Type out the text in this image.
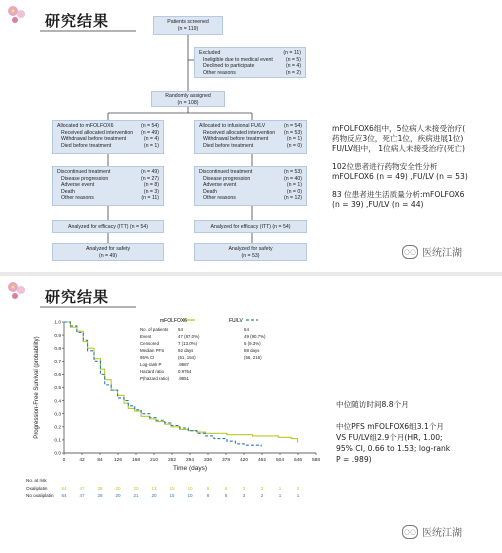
研究结果	Patients screened
(n = 119)
Excluded	(n = 11)
Ineligible due to medical event	(n = 5)
Declined to participate	(n = 4)
Other reasons	(n = 2)
Randomly assigned
(n = 108)
Allocated to mFOLFOX6	(n = 54)
Received allocated intervention (n = 49)
Withdrawal before treatment	(n = 4)
Died before treatment	(n = 1)
Allocated to infusional FU/LV	(n = 54)
Received allocated intervention (n = 53)
Withdrawal before treatment	(n = 1)
Died before treatment	(n = 0)
Discontinued treatment	(n = 49)
Disease progression	(n = 27)
Adverse event	(n = 8)
Death	(n = 3)
Other reasons	(n = 11)
Discontinued treatment	(n = 53)
Disease progression	(n = 40)
Adverse event	(n = 1)
Death	(n = 0)
Other reasons	(n = 12)
Analyzed for efficacy (ITT) (n = 54)	Analyzed for efficacy (ITT) (n = 54)
Analyzed for safety
(n = 49)
Analyzed for safety
(n = 53)
mFOLFOX6组中，5位病人未接受治疗(
药物反应3位，死亡1位，疾病进展1位)
FU/LV组中， 1位病人未接受治疗(死亡)
102位患者进行药物安全性分析
mFOLFOX6 (n = 49) ,FU/LV (n = 53)
83 位患者进生活质量分析:mFOLFOX6
(n = 39) ,FU/LV (n = 44)
◌◌ 医统江湖
研究结果
0.0
0.1
0.2
0.3
0.4
0.5
0.6
0.7
0.8
0.9
1.0
0	42	84 126 168 210 252 294 336 378 420 462 504 546 588
Time (days)
Progression-Free Survival (probability)
mFOLFOX6	FU/LV
No. of patients 54	54
Event	47 (87.0%)	49 (90.7%)
Censored	7 (13.0%)	5 (9.3%)
Median PFS	92 days	88 days
95% CI	(61, 154)	(56, 216)
Log-rank P	.9887
Hazard ratio	0.9764
P(hazard ratio) .9851
No. at risk
Oxaliplatin	54	47	28	20	20	13	15	10	9	6	3	3	1	2
No oxaliplatin 54	47	28	20	21	20	15	10	8	6	3	2	1	1
中位随访时间8.8个月
中位PFS mFOLFOX6组3.1个月
VS FU/LV组2.9个月(HR, 1.00;
95% CI, 0.66 to 1.53; log-rank
P = .989)
◌◌ 医统江湖
